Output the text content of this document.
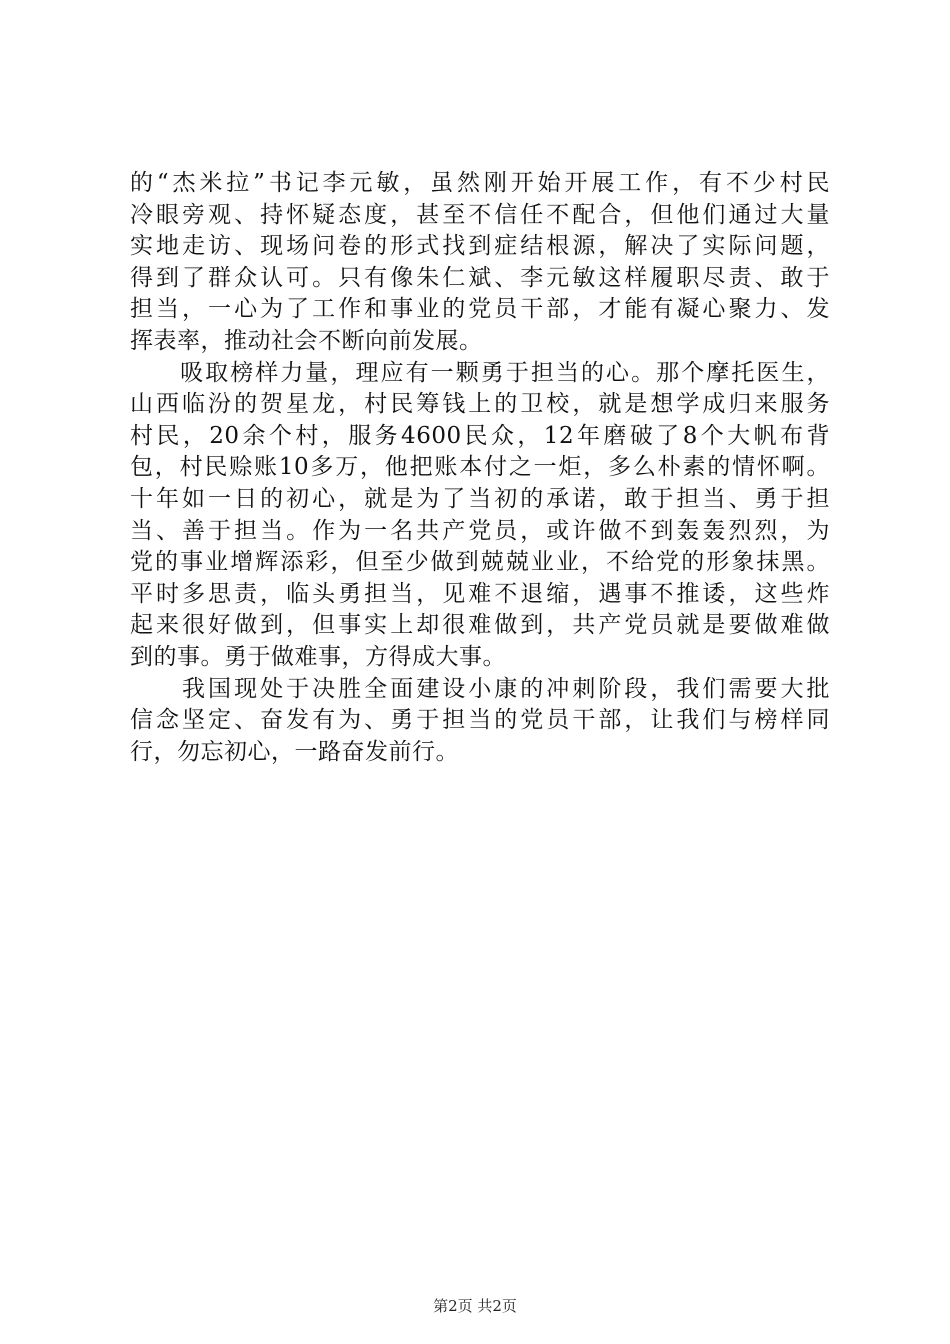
的“杰米拉”书记李元敏，虽然刚开始开展工作，有不少村民
冷眼旁观、持怀疑态度，甚至不信任不配合，但他们通过大量
实地走访、现场问卷的形式找到症结根源，解决了实际问题，
得到了群众认可。只有像朱仁斌、李元敏这样履职尽责、敢于
担当，一心为了工作和事业的党员干部，才能有凝心聚力、发
挥表率，推动社会不断向前发展。
　　吸取榜样力量，理应有一颗勇于担当的心。那个摩托医生，
山西临汾的贺星龙，村民筹钱上的卫校，就是想学成归来服务
村民，20余个村，服务4600民众，12年磨破了8个大帆布背
包，村民赊账10多万，他把账本付之一炬，多么朴素的情怀啊。
十年如一日的初心，就是为了当初的承诺，敢于担当、勇于担
当、善于担当。作为一名共产党员，或许做不到轰轰烈烈，为
党的事业增辉添彩，但至少做到兢兢业业，不给党的形象抹黑。
平时多思责，临头勇担当，见难不退缩，遇事不推诿，这些炸
起来很好做到，但事实上却很难做到，共产党员就是要做难做
到的事。勇于做难事，方得成大事。
　　我国现处于决胜全面建设小康的冲刺阶段，我们需要大批
信念坚定、奋发有为、勇于担当的党员干部，让我们与榜样同
行，勿忘初心，一路奋发前行。
第2页 共2页
